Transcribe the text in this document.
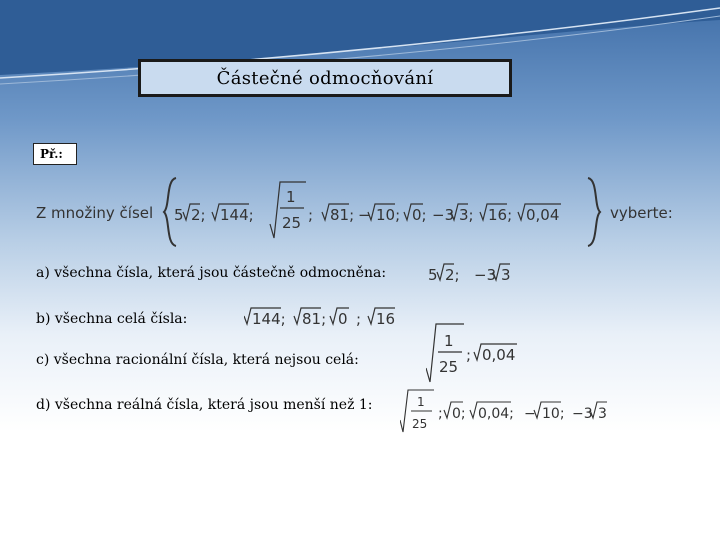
Částečné odmocňování
Př.:
Z množiny čísel 5 2; 144;
1
25 ; 81; − 10; 0; −3 3; 16; 0,04	vyberte:
a) všechna čísla, která jsou částečně odmocněna:
b) všechna celá čísla:
c) všechna racionální čísla, která nejsou celá:
d) všechna reálná čísla, která jsou menší než 1:
5 2; −3 3
144; 81; 0 ; 16
1
25
; 0,04
1
25
; 0; 0,04; − 10; −3 3
